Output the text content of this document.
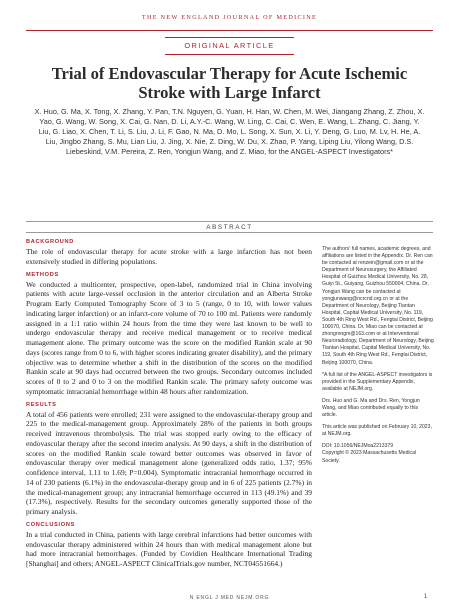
THE NEW ENGLAND JOURNAL OF MEDICINE
ORIGINAL ARTICLE
Trial of Endovascular Therapy for Acute Ischemic Stroke with Large Infarct
X. Huo, G. Ma, X. Tong, X. Zhang, Y. Pan, T.N. Nguyen, G. Yuan, H. Han, W. Chen, M. Wei, Jiangang Zhang, Z. Zhou, X. Yao, G. Wang, W. Song, X. Cai, G. Nan, D. Li, A.Y.-C. Wang, W. Ling, C. Cai, C. Wen, E. Wang, L. Zhang, C. Jiang, Y. Liu, G. Liao, X. Chen, T. Li, S. Liu, J. Li, F. Gao, N. Ma, D. Mo, L. Song, X. Sun, X. Li, Y. Deng, G. Luo, M. Lv, H. He, A. Liu, Jingbo Zhang, S. Mu, Lian Liu, J. Jing, X. Nie, Z. Ding, W. Du, X. Zhao, P. Yang, Liping Liu, Yilong Wang, D.S. Liebeskind, V.M. Pereira, Z. Ren, Yongjun Wang, and Z. Miao, for the ANGEL-ASPECT Investigators*
ABSTRACT
BACKGROUND

The role of endovascular therapy for acute stroke with a large infarction has not been extensively studied in differing populations.

METHODS

We conducted a multicenter, prospective, open-label, randomized trial in China involving patients with acute large-vessel occlusion in the anterior circulation and an Alberta Stroke Program Early Computed Tomography Score of 3 to 5 (range, 0 to 10, with lower values indicating larger infarction) or an infarct-core volume of 70 to 100 ml. Patients were randomly assigned in a 1:1 ratio within 24 hours from the time they were last known to be well to undergo endovascular therapy and receive medical management or to receive medical management alone. The primary outcome was the score on the modified Rankin scale at 90 days (scores range from 0 to 6, with higher scores indicating greater disability), and the primary objective was to determine whether a shift in the distribution of the scores on the modified Rankin scale at 90 days had occurred between the two groups. Secondary outcomes included scores of 0 to 2 and 0 to 3 on the modified Rankin scale. The primary safety outcome was symptomatic intracranial hemorrhage within 48 hours after randomization.

RESULTS

A total of 456 patients were enrolled; 231 were assigned to the endovascular-therapy group and 225 to the medical-management group. Approximately 28% of the patients in both groups received intravenous thrombolysis. The trial was stopped early owing to the efficacy of endovascular therapy after the second interim analysis. At 90 days, a shift in the distribution of scores on the modified Rankin scale toward better outcomes was observed in favor of endovascular therapy over medical management alone (generalized odds ratio, 1.37; 95% confidence interval, 1.11 to 1.69; P=0.004). Symptomatic intracranial hemorrhage occurred in 14 of 230 patients (6.1%) in the endovascular-therapy group and in 6 of 225 patients (2.7%) in the medical-management group; any intracranial hemorrhage occurred in 113 (49.1%) and 39 (17.3%), respectively. Results for the secondary outcomes generally supported those of the primary analysis.

CONCLUSIONS

In a trial conducted in China, patients with large cerebral infarctions had better outcomes with endovascular therapy administered within 24 hours than with medical management alone but had more intracranial hemorrhages. (Funded by Covidien Healthcare International Trading [Shanghai] and others; ANGEL-ASPECT ClinicalTrials.gov number, NCT04551664.)

The authors' full names, academic degrees, and affiliations are listed in the Appendix. Dr. Ren can be contacted at renzein@gmail.com or at the Department of Neurosurgery, the Affiliated Hospital of Guizhou Medical University, No. 28, Guiyi St., Guiyang, Guizhou 550004, China. Dr. Yongjun Wang can be contacted at yongjunwang@ncrcnd.org.cn or at the Department of Neurology, Beijing Tiantan Hospital, Capital Medical University, No. 119, South 4th Ring West Rd., Fengtai District, Beijing 100070, China. Dr. Miao can be contacted at zhongrongm@163.com or at Interventional Neuroradiology, Department of Neurology, Beijing Tiantan Hospital, Capital Medical University, No. 119, South 4th Ring West Rd., Fengtai District, Beijing 100070, China.

*A full list of the ANGEL-ASPECT investigators is provided in the Supplementary Appendix, available at NEJM.org.

Drs. Huo and G. Ma and Drs. Ren, Yongjun Wang, and Miao contributed equally to this article.

This article was published on February 10, 2023, at NEJM.org.

DOI: 10.1056/NEJMoa2213379
Copyright © 2023 Massachusetts Medical Society.

N ENGL J MED NEJM.ORG	1
